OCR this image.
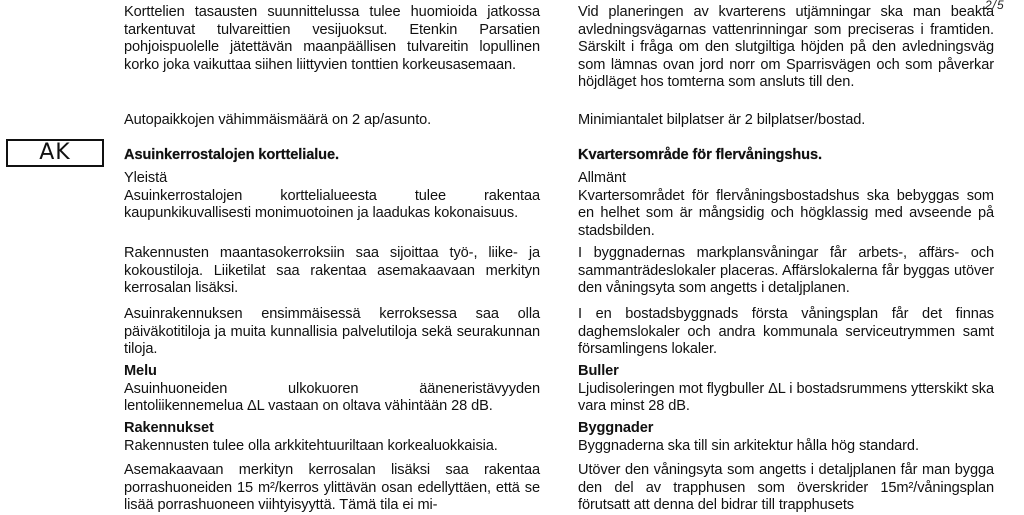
2/5
AK

Korttelien tasausten suunnittelussa tulee huomioida jatkossa tarkentuvat tulvareittien vesijuoksut. Etenkin Parsatien pohjoispuolelle jätettävän maanpäällisen tulvareitin lopullinen korko joka vaikuttaa siihen liittyvien tonttien korkeusasemaan.

Autopaikkojen vähimmäismäärä on 2 ap/asunto.

Asuinkerrostalojen korttelialue.

Yleistä

Asuinkerrostalojen korttelialueesta tulee rakentaa kaupunkikuvallisesti monimuotoinen ja laadukas kokonaisuus.

Rakennusten maantasokerroksiin saa sijoittaa työ-, liike- ja kokoustiloja. Liiketilat saa rakentaa asemakaavaan merkityn kerrosalan lisäksi.

Asuinrakennuksen ensimmäisessä kerroksessa saa olla päiväkotitiloja ja muita kunnallisia palvelutiloja sekä seurakunnan tiloja.

Melu

Asuinhuoneiden ulkokuoren ääneneristävyyden lentoliikennemelua ΔL vastaan on oltava vähintään 28 dB.

Rakennukset

Rakennusten tulee olla arkkitehtuuriltaan korkealuokkaisia.

Asemakaavaan merkityn kerrosalan lisäksi saa rakentaa porrashuoneiden 15 m²/kerros ylittävän osan edellyttäen, että se lisää porrashuoneen viihtyisyyttä. Tämä tila ei mi-

Vid planeringen av kvarterens utjämningar ska man beakta avledningsvägarnas vattenrinningar som preciseras i framtiden. Särskilt i fråga om den slutgiltiga höjden på den avledningsväg som lämnas ovan jord norr om Sparrisvägen och som påverkar höjdläget hos tomterna som ansluts till den.

Minimiantalet bilplatser är 2 bilplatser/bostad.

Kvartersområde för flervåningshus.

Allmänt

Kvartersområdet för flervåningsbostadshus ska bebyggas som en helhet som är mångsidig och högklassig med avseende på stadsbilden.

I byggnadernas markplansvåningar får arbets-, affärs- och sammanträdeslokaler placeras. Affärslokalerna får byggas utöver den våningsyta som angetts i detaljplanen.

I en bostadsbyggnads första våningsplan får det finnas daghemslokaler och andra kommunala serviceutrymmen samt församlingens lokaler.

Buller

Ljudisoleringen mot flygbuller ΔL i bostadsrummens ytterskikt ska vara minst 28 dB.

Byggnader

Byggnaderna ska till sin arkitektur hålla hög standard.

Utöver den våningsyta som angetts i detaljplanen får man bygga den del av trapphusen som överskrider 15m²/våningsplan förutsatt att denna del bidrar till trapphusets
